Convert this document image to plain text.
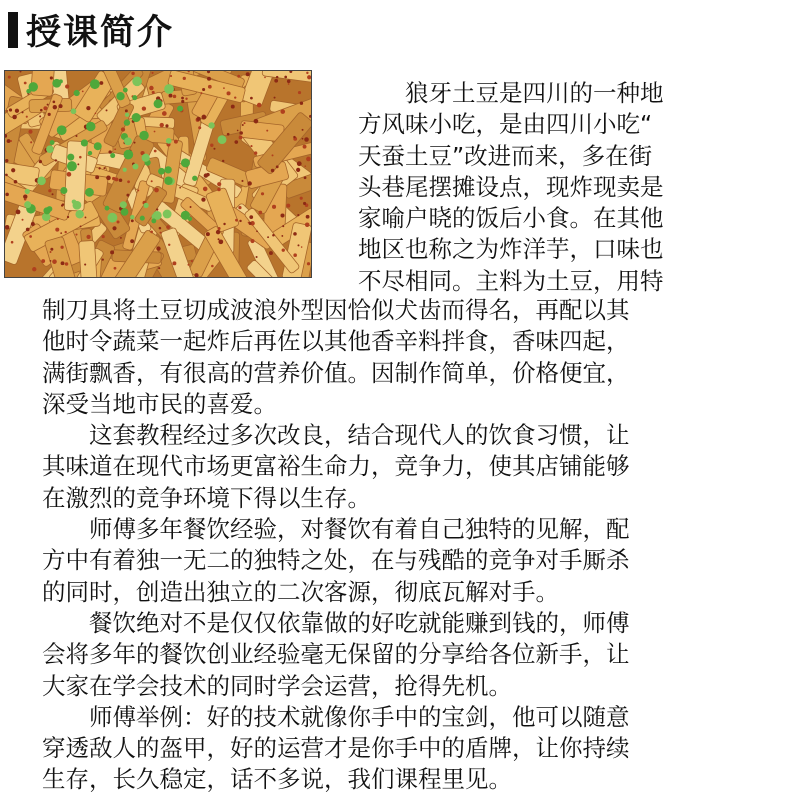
授课简介
　　狼牙土豆是四川的一种地
方风味小吃，是由四川小吃“
天蚕土豆”改进而来，多在街
头巷尾摆摊设点，现炸现卖是
家喻户晓的饭后小食。在其他
地区也称之为炸洋芋，口味也
不尽相同。主料为土豆，用特
制刀具将土豆切成波浪外型因恰似犬齿而得名，再配以其
他时令蔬菜一起炸后再佐以其他香辛料拌食，香味四起，
满街飘香，有很高的营养价值。因制作简单，价格便宜，
深受当地市民的喜爱。
　　这套教程经过多次改良，结合现代人的饮食习惯，让
其味道在现代市场更富裕生命力，竞争力，使其店铺能够
在激烈的竞争环境下得以生存。
　　师傅多年餐饮经验，对餐饮有着自己独特的见解，配
方中有着独一无二的独特之处，在与残酷的竞争对手厮杀
的同时，创造出独立的二次客源，彻底瓦解对手。
　　餐饮绝对不是仅仅依靠做的好吃就能赚到钱的，师傅
会将多年的餐饮创业经验毫无保留的分享给各位新手，让
大家在学会技术的同时学会运营，抢得先机。
　　师傅举例：好的技术就像你手中的宝剑，他可以随意
穿透敌人的盔甲，好的运营才是你手中的盾牌，让你持续
生存，长久稳定，话不多说，我们课程里见。
